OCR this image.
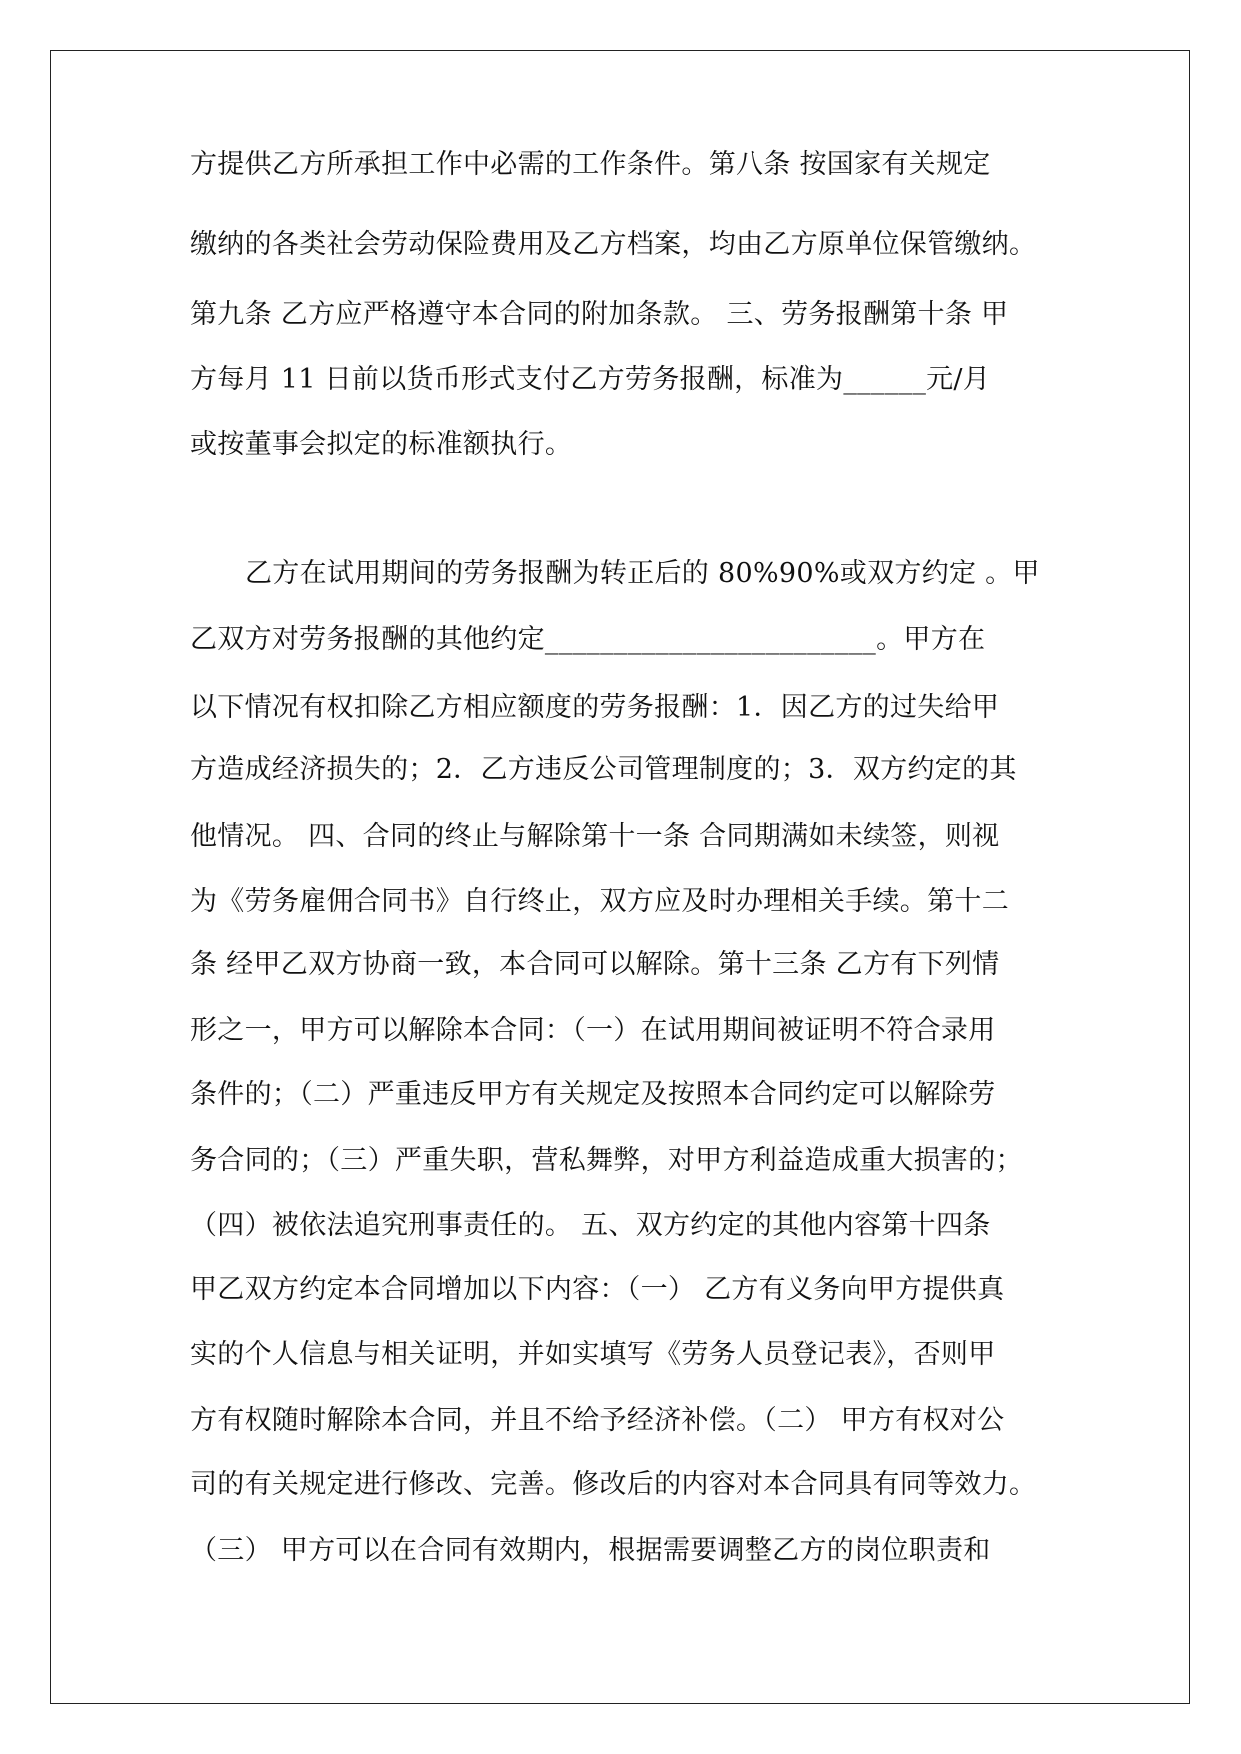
方提供乙方所承担工作中必需的工作条件。第八条 按国家有关规定
缴纳的各类社会劳动保险费用及乙方档案，均由乙方原单位保管缴纳。
第九条 乙方应严格遵守本合同的附加条款。 三、劳务报酬第十条 甲
方每月 11 日前以货币形式支付乙方劳务报酬，标准为______元/月
或按董事会拟定的标准额执行。
乙方在试用期间的劳务报酬为转正后的 80%90%或双方约定 。甲
乙双方对劳务报酬的其他约定________________________。甲方在
以下情况有权扣除乙方相应额度的劳务报酬：1．因乙方的过失给甲
方造成经济损失的；2．乙方违反公司管理制度的；3．双方约定的其
他情况。 四、合同的终止与解除第十一条 合同期满如未续签，则视
为《劳务雇佣合同书》自行终止，双方应及时办理相关手续。第十二
条 经甲乙双方协商一致，本合同可以解除。第十三条 乙方有下列情
形之一，甲方可以解除本合同：（一）在试用期间被证明不符合录用
条件的；（二）严重违反甲方有关规定及按照本合同约定可以解除劳
务合同的；（三）严重失职，营私舞弊，对甲方利益造成重大损害的；
（四）被依法追究刑事责任的。 五、双方约定的其他内容第十四条
甲乙双方约定本合同增加以下内容：（一） 乙方有义务向甲方提供真
实的个人信息与相关证明，并如实填写《劳务人员登记表》，否则甲
方有权随时解除本合同，并且不给予经济补偿。（二） 甲方有权对公
司的有关规定进行修改、完善。修改后的内容对本合同具有同等效力。
（三） 甲方可以在合同有效期内，根据需要调整乙方的岗位职责和
